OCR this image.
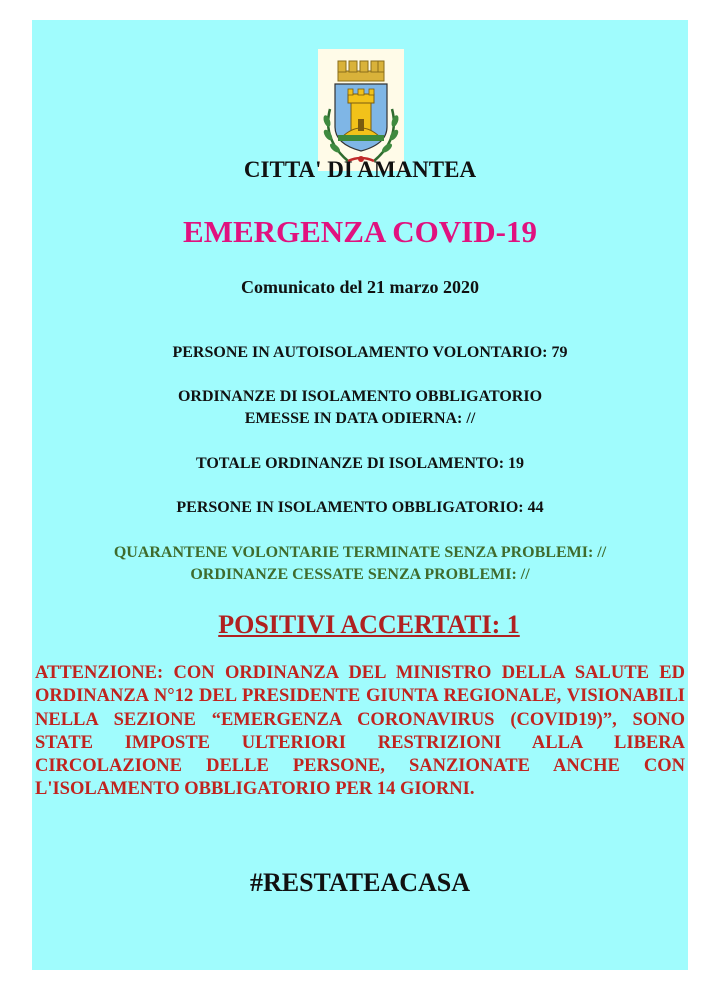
CITTA' DI AMANTEA
EMERGENZA COVID-19
Comunicato del 21 marzo 2020
PERSONE IN AUTOISOLAMENTO VOLONTARIO: 79
ORDINANZE DI ISOLAMENTO OBBLIGATORIO
EMESSE IN DATA ODIERNA: //
TOTALE ORDINANZE DI ISOLAMENTO: 19
PERSONE IN ISOLAMENTO OBBLIGATORIO: 44
QUARANTENE VOLONTARIE TERMINATE SENZA PROBLEMI: //
ORDINANZE CESSATE SENZA PROBLEMI: //
POSITIVI ACCERTATI: 1
ATTENZIONE: CON ORDINANZA DEL MINISTRO DELLA SALUTE ED ORDINANZA N°12 DEL PRESIDENTE GIUNTA REGIONALE, VISIONABILI NELLA SEZIONE “EMERGENZA CORONAVIRUS (COVID19)”, SONO STATE IMPOSTE ULTERIORI RESTRIZIONI ALLA LIBERA CIRCOLAZIONE DELLE PERSONE, SANZIONATE ANCHE CON L'ISOLAMENTO OBBLIGATORIO PER 14 GIORNI.
#RESTATEACASA
